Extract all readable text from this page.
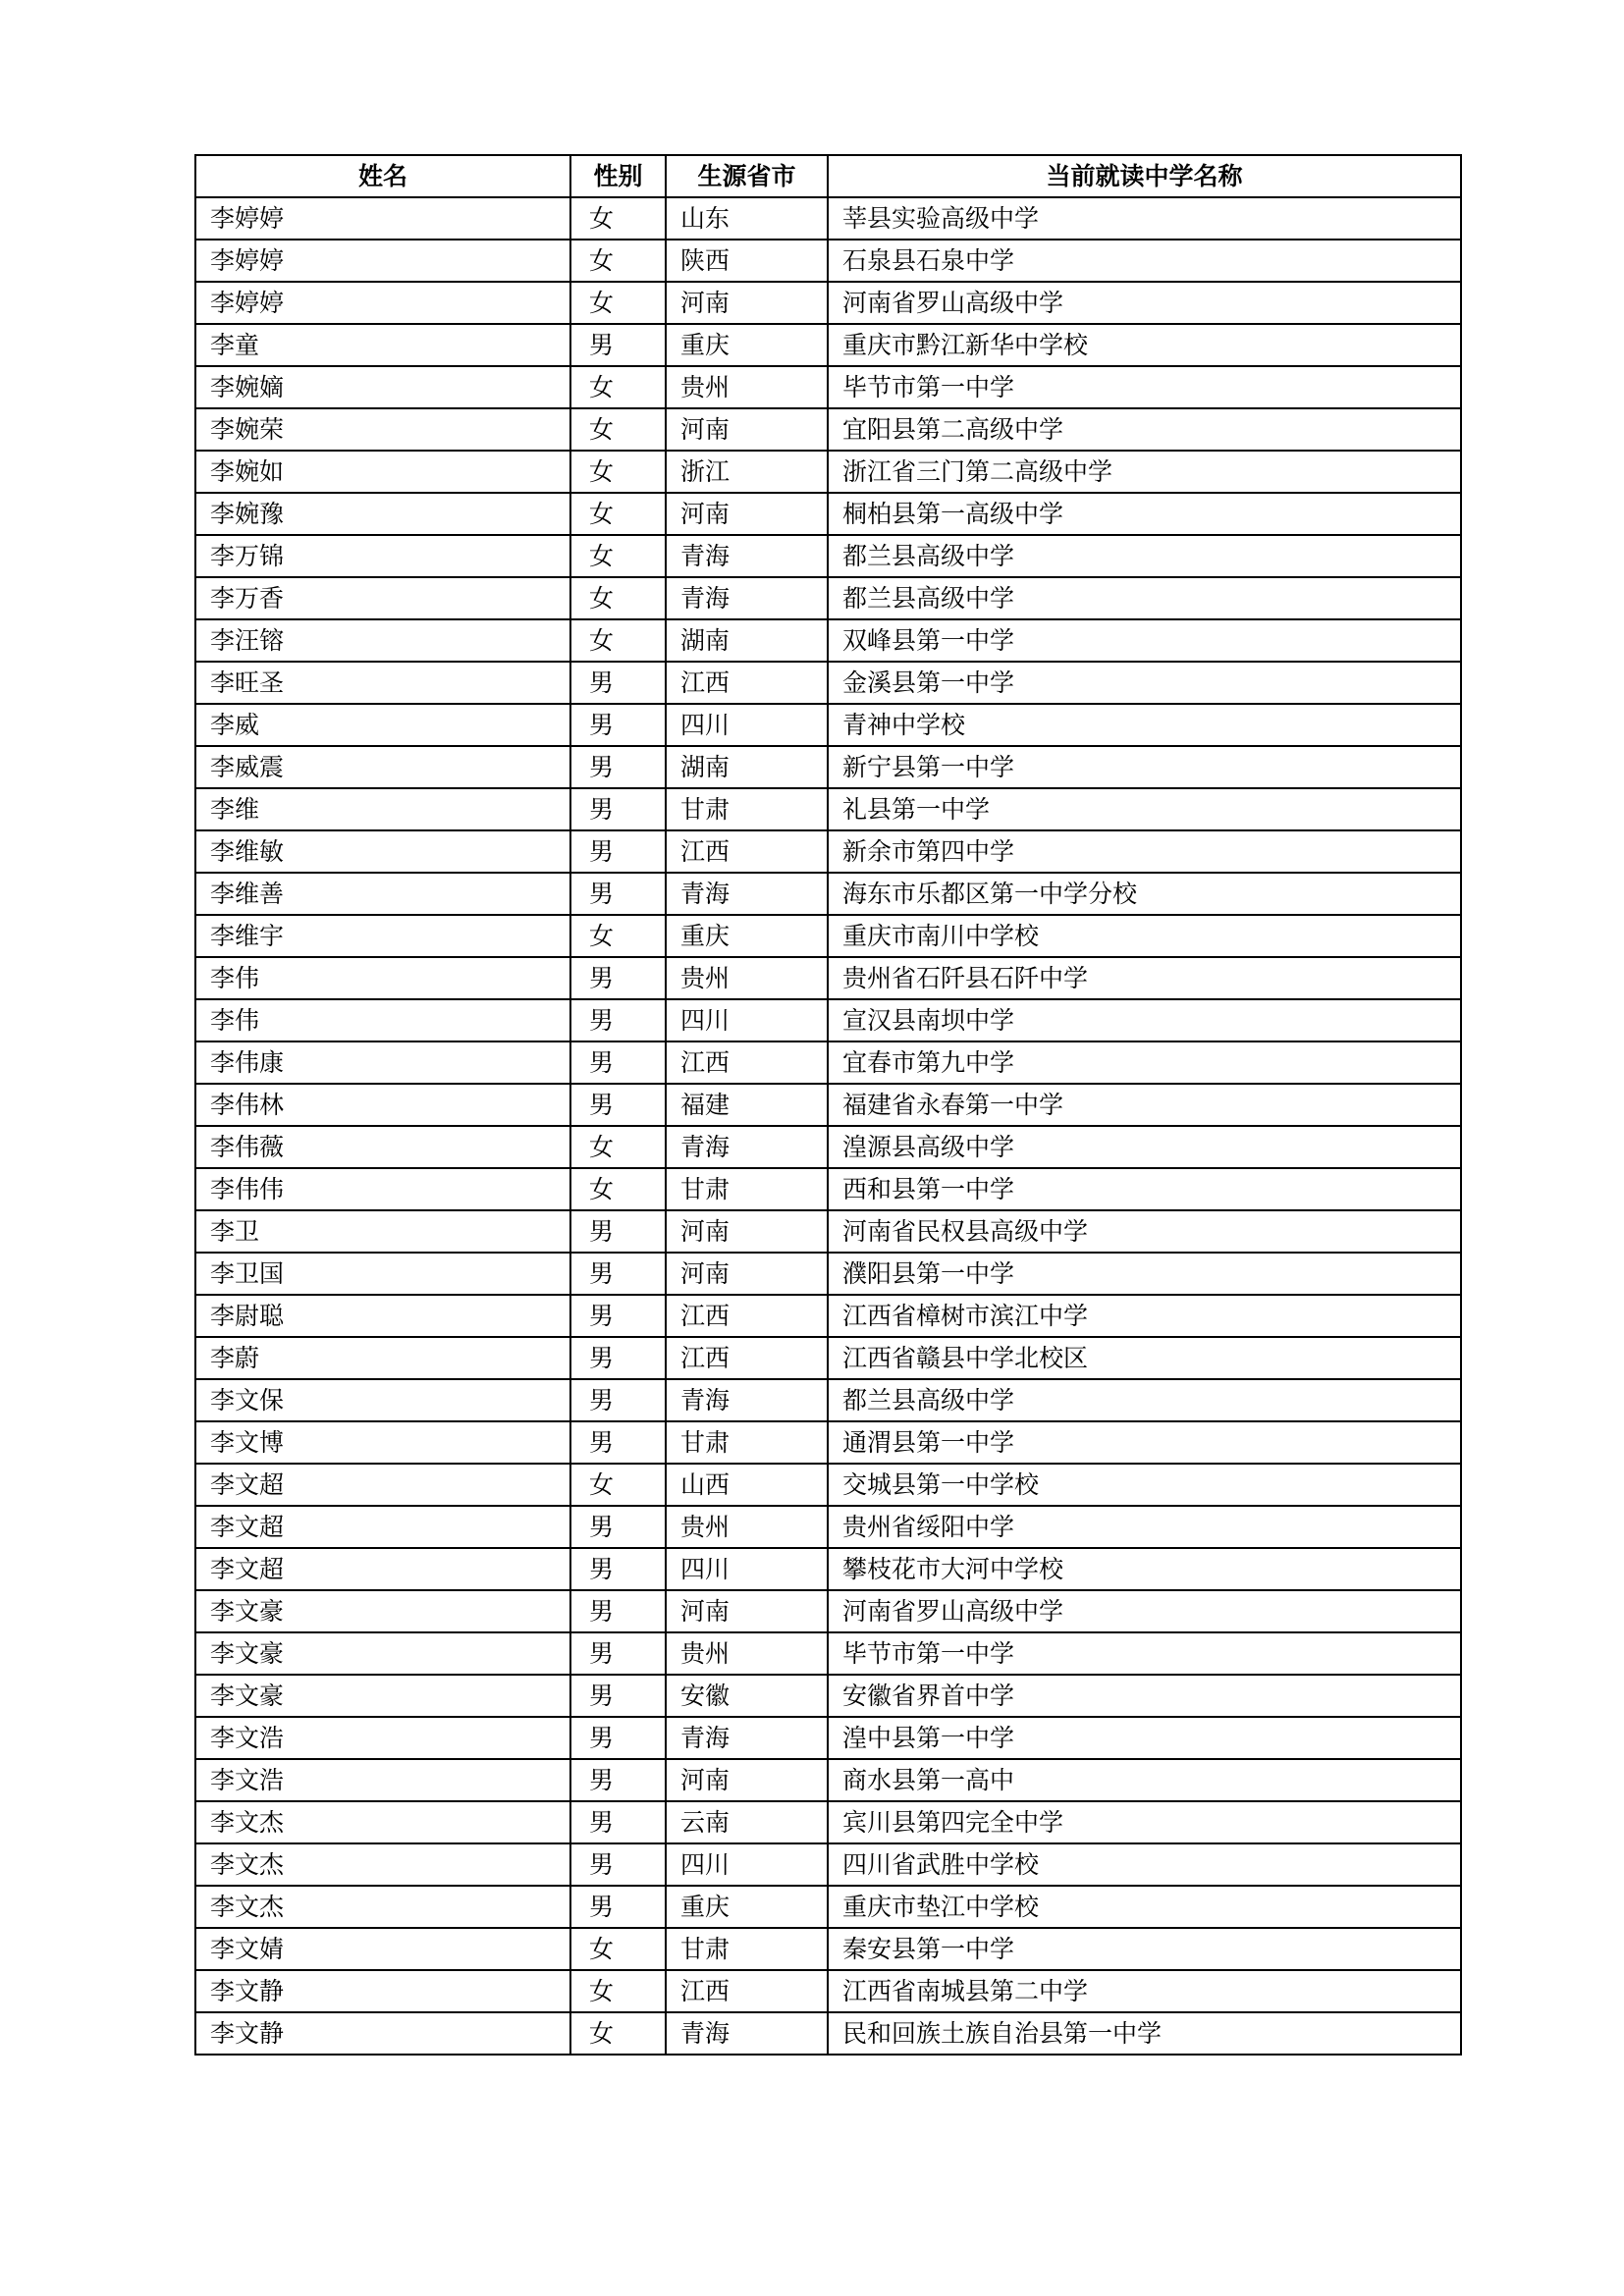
姓名	性别	生源省市	当前就读中学名称
李婷婷	女	山东	莘县实验高级中学
李婷婷	女	陕西	石泉县石泉中学
李婷婷	女	河南	河南省罗山高级中学
李童	男	重庆	重庆市黔江新华中学校
李婉嫡	女	贵州	毕节市第一中学
李婉荣	女	河南	宜阳县第二高级中学
李婉如	女	浙江	浙江省三门第二高级中学
李婉豫	女	河南	桐柏县第一高级中学
李万锦	女	青海	都兰县高级中学
李万香	女	青海	都兰县高级中学
李汪镕	女	湖南	双峰县第一中学
李旺圣	男	江西	金溪县第一中学
李威	男	四川	青神中学校
李威震	男	湖南	新宁县第一中学
李维	男	甘肃	礼县第一中学
李维敏	男	江西	新余市第四中学
李维善	男	青海	海东市乐都区第一中学分校
李维宇	女	重庆	重庆市南川中学校
李伟	男	贵州	贵州省石阡县石阡中学
李伟	男	四川	宣汉县南坝中学
李伟康	男	江西	宜春市第九中学
李伟林	男	福建	福建省永春第一中学
李伟薇	女	青海	湟源县高级中学
李伟伟	女	甘肃	西和县第一中学
李卫	男	河南	河南省民权县高级中学
李卫国	男	河南	濮阳县第一中学
李尉聪	男	江西	江西省樟树市滨江中学
李蔚	男	江西	江西省赣县中学北校区
李文保	男	青海	都兰县高级中学
李文博	男	甘肃	通渭县第一中学
李文超	女	山西	交城县第一中学校
李文超	男	贵州	贵州省绥阳中学
李文超	男	四川	攀枝花市大河中学校
李文豪	男	河南	河南省罗山高级中学
李文豪	男	贵州	毕节市第一中学
李文豪	男	安徽	安徽省界首中学
李文浩	男	青海	湟中县第一中学
李文浩	男	河南	商水县第一高中
李文杰	男	云南	宾川县第四完全中学
李文杰	男	四川	四川省武胜中学校
李文杰	男	重庆	重庆市垫江中学校
李文婧	女	甘肃	秦安县第一中学
李文静	女	江西	江西省南城县第二中学
李文静	女	青海	民和回族土族自治县第一中学
